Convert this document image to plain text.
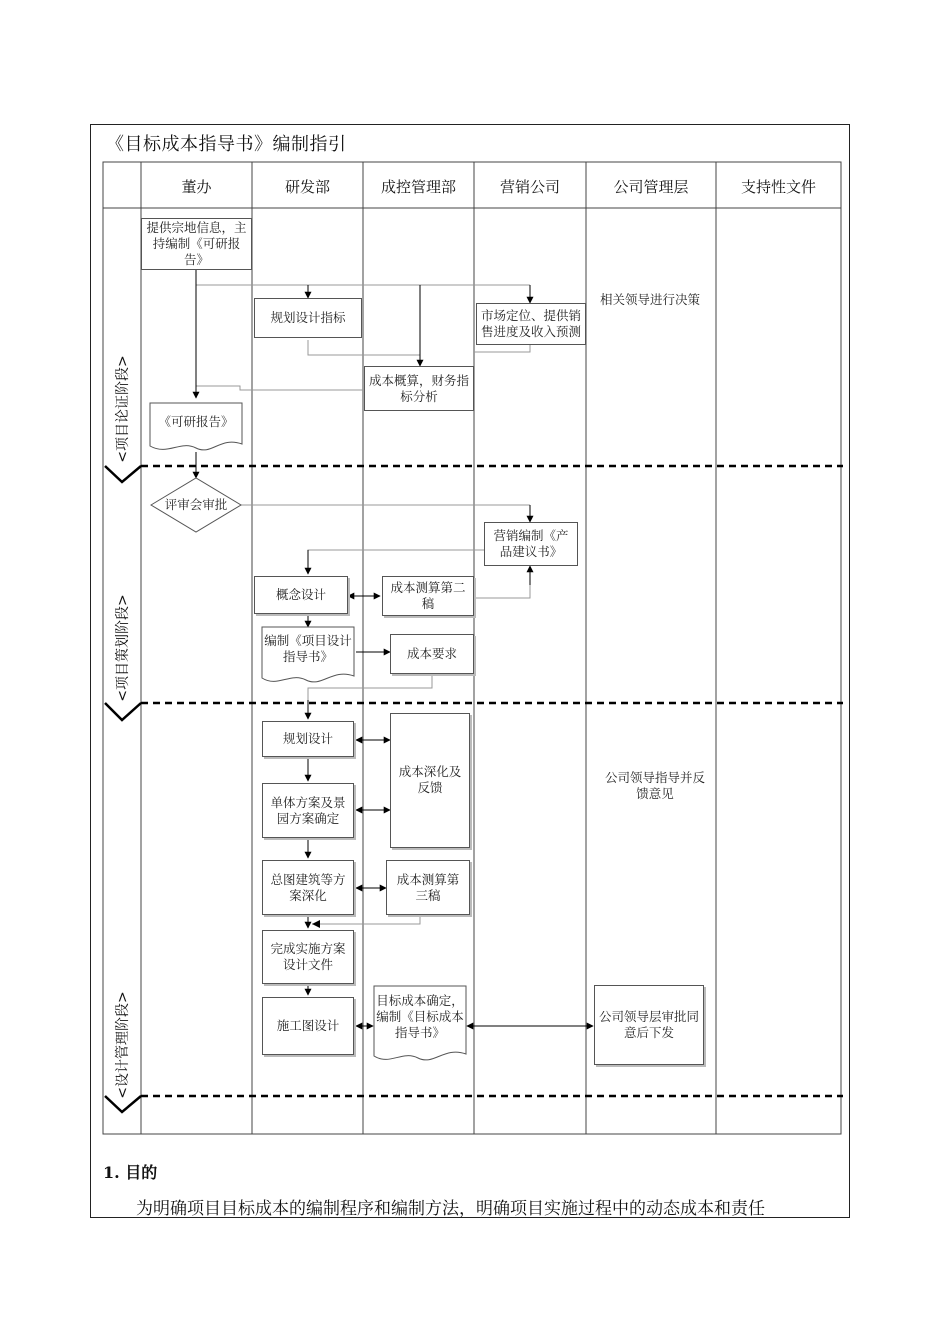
《目标成本指导书》编制指引
董办	研发部	成控管理部	营销公司	公司管理层	支持性文件
<项目论证阶段>
<项目策划阶段>
<设计管理阶段>
提供宗地信息，主持编制《可研报告》
规划设计指标	市场定位、提供销售进度及收入预测
相关领导进行决策
成本概算，财务指标分析
《可研报告》
评审会审批
营销编制《产品建议书》
概念设计	成本测算第二稿
编制《项目设计指导书》	成本要求
规划设计
成本深化及反馈
公司领导指导并反馈意见
单体方案及景园方案确定
总图建筑等方案深化
成本测算第三稿
完成实施方案设计文件
施工图设计
目标成本确定，编制《目标成本指导书》
公司领导层审批同意后下发
1. 目的
为明确项目目标成本的编制程序和编制方法，明确项目实施过程中的动态成本和责任
